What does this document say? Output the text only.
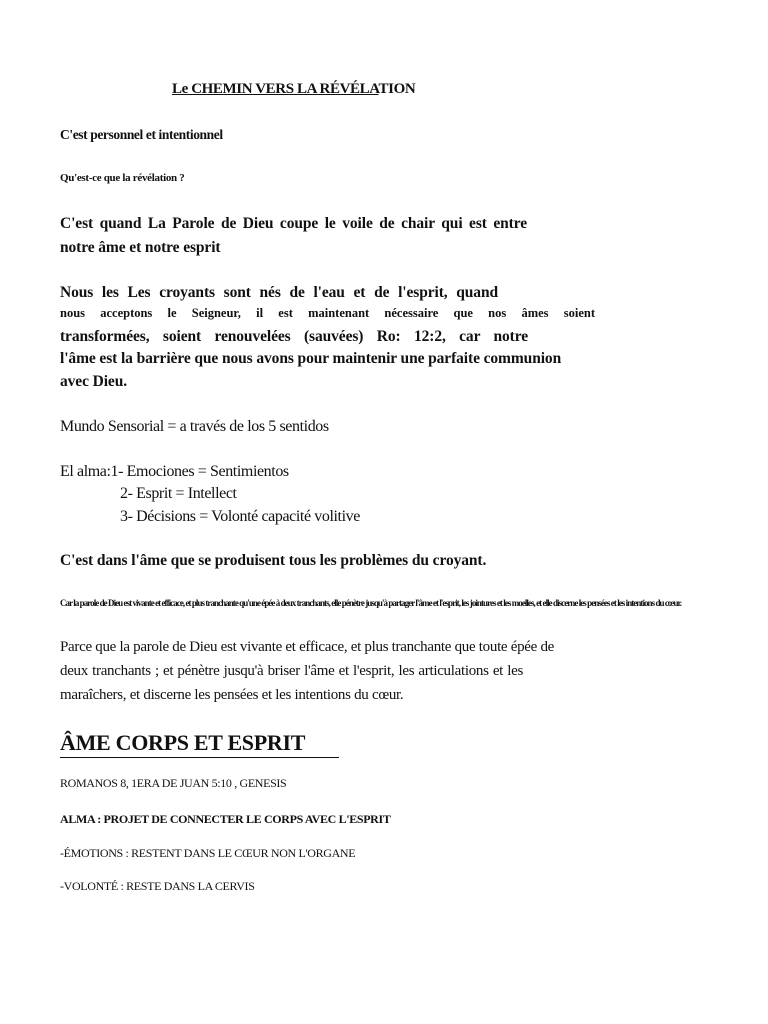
Le CHEMIN VERS LA RÉVÉLATION
C'est personnel et intentionnel
Qu'est-ce que la révélation ?
C'est quand La Parole de Dieu coupe le voile de chair qui est entre
notre âme et notre esprit
Nous les Les croyants sont nés de l'eau et de l'esprit, quand
nous acceptons le Seigneur, il est maintenant nécessaire que nos âmes soient
transformées, soient renouvelées (sauvées) Ro: 12:2, car notre
l'âme est la barrière que nous avons pour maintenir une parfaite communion
avec Dieu.
Mundo Sensorial = a través de los 5 sentidos
El alma:1- Emociones = Sentimientos
2- Esprit = Intellect
3- Décisions = Volonté capacité volitive
C'est dans l'âme que se produisent tous les problèmes du croyant.
Car la parole de Dieu est vivante et efficace, et plus tranchante qu'une épée à deux tranchants, elle pénètre jusqu'à partager l'âme et l'esprit, les jointures et les moelles, et elle discerne les pensées et les intentions du cœur.
Parce que la parole de Dieu est vivante et efficace, et plus tranchante que toute épée de
deux tranchants ; et pénètre jusqu'à briser l'âme et l'esprit, les articulations et les
maraîchers, et discerne les pensées et les intentions du cœur.
ÂME CORPS ET ESPRIT
ROMANOS 8, 1ERA DE JUAN 5:10 , GENESIS
ALMA : PROJET DE CONNECTER LE CORPS AVEC L'ESPRIT
-ÉMOTIONS : RESTENT DANS LE CŒUR NON L'ORGANE
-VOLONTÉ : RESTE DANS LA CERVIS
